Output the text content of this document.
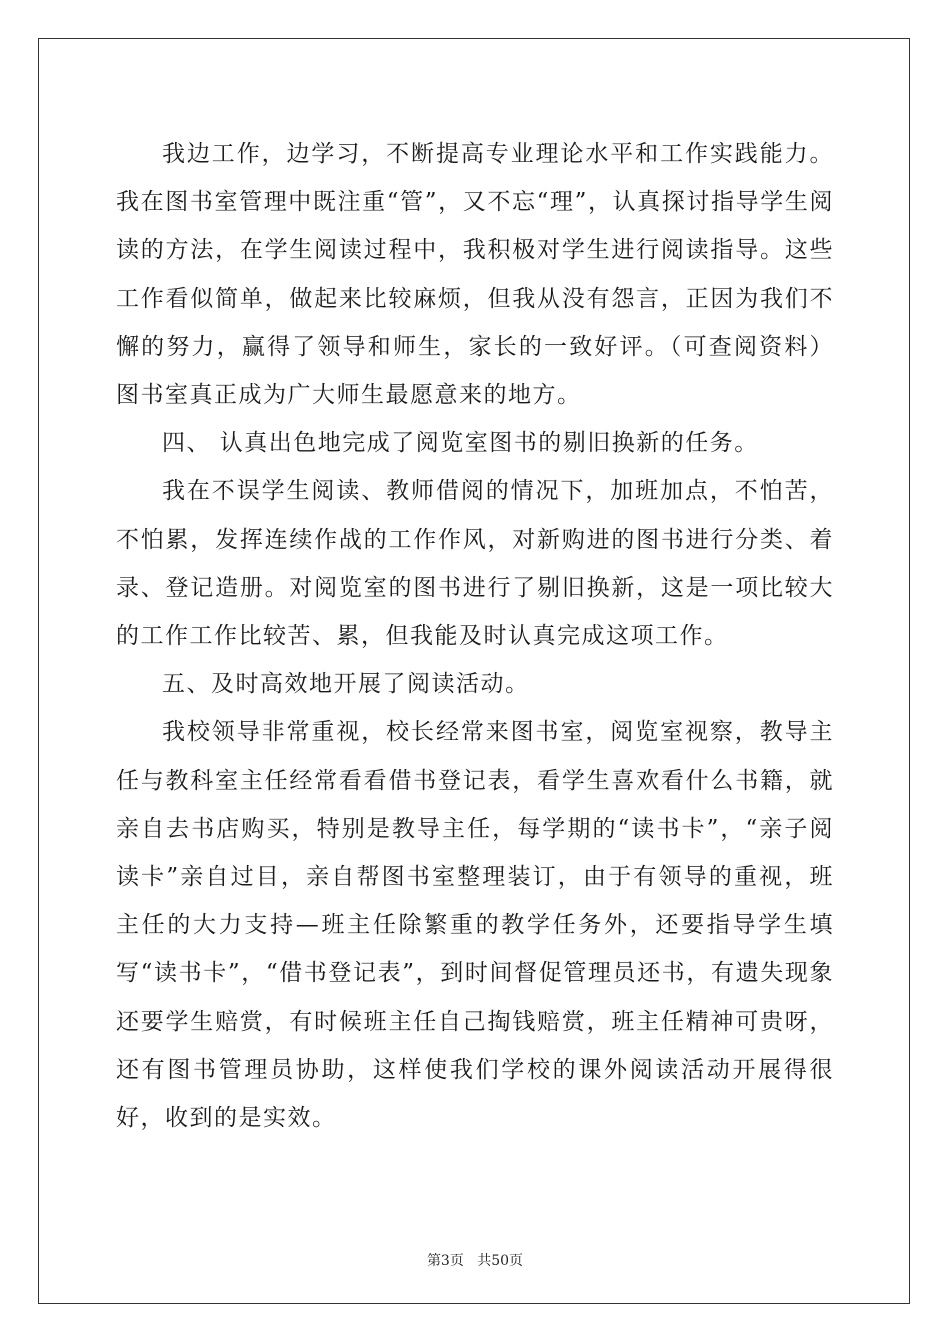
我边工作，边学习，不断提高专业理论水平和工作实践能力。我在图书室管理中既注重“管”，又不忘“理”，认真探讨指导学生阅读的方法，在学生阅读过程中，我积极对学生进行阅读指导。这些工作看似简单，做起来比较麻烦，但我从没有怨言，正因为我们不懈的努力，赢得了领导和师生，家长的一致好评。（可查阅资料）图书室真正成为广大师生最愿意来的地方。

四、 认真出色地完成了阅览室图书的剔旧换新的任务。

我在不误学生阅读、教师借阅的情况下，加班加点，不怕苦，不怕累，发挥连续作战的工作作风，对新购进的图书进行分类、着录、登记造册。对阅览室的图书进行了剔旧换新，这是一项比较大的工作工作比较苦、累，但我能及时认真完成这项工作。

五、及时高效地开展了阅读活动。

我校领导非常重视，校长经常来图书室，阅览室视察，教导主任与教科室主任经常看看借书登记表，看学生喜欢看什么书籍，就亲自去书店购买，特别是教导主任，每学期的“读书卡”，“亲子阅读卡”亲自过目，亲自帮图书室整理装订，由于有领导的重视，班主任的大力支持—班主任除繁重的教学任务外，还要指导学生填写“读书卡”，“借书登记表”，到时间督促管理员还书，有遗失现象还要学生赔赏，有时候班主任自己掏钱赔赏，班主任精神可贵呀，还有图书管理员协助，这样使我们学校的课外阅读活动开展得很好，收到的是实效。

第3页 共50页
